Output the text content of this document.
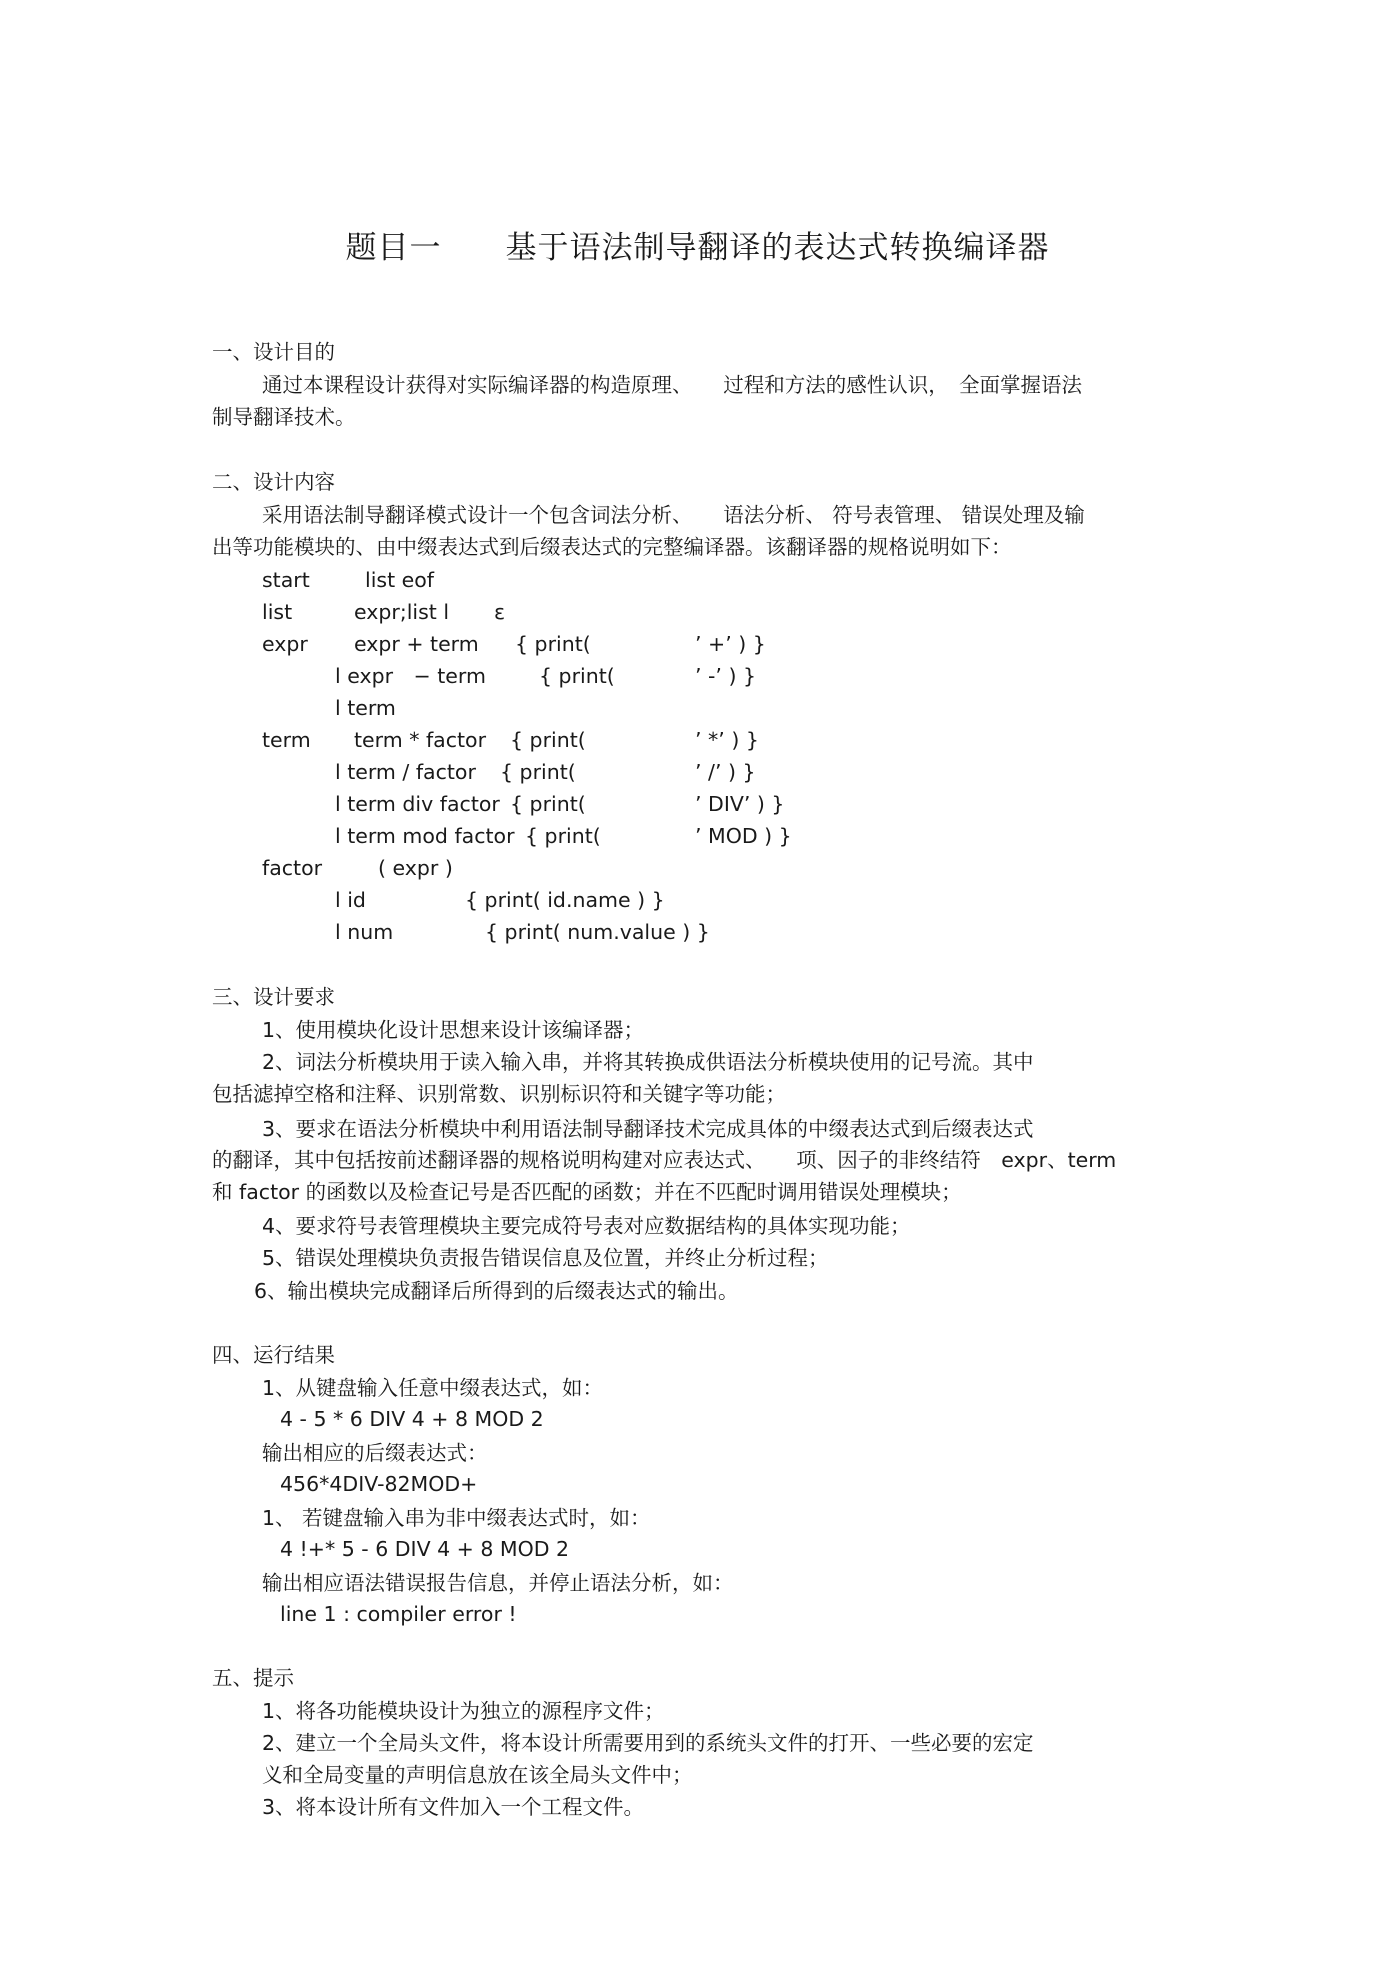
题目一　　基于语法制导翻译的表达式转换编译器
一、设计目的
通过本课程设计获得对实际编译器的构造原理、　　过程和方法的感性认识，　全面掌握语法
制导翻译技术。
二、设计内容
采用语法制导翻译模式设计一个包含词法分析、　　语法分析、 符号表管理、 错误处理及输
出等功能模块的、由中缀表达式到后缀表达式的完整编译器。该翻译器的规格说明如下：
start	list eof
list	expr;list l ε
expr expr + term { print(	’ +’ ) }
l expr　− term	{ print(	’ -’ ) }
l term
term term * factor { print(	’ *’ ) }
l term / factor { print(	’ /’ ) }
l term div factor { print(	’ DIV’ ) }
l term mod factor { print(	’ MOD ) }
factor	( expr )
l id	{ print( id.name ) }
l num	{ print( num.value ) }
三、设计要求
1、使用模块化设计思想来设计该编译器；
2、词法分析模块用于读入输入串，并将其转换成供语法分析模块使用的记号流。其中
包括滤掉空格和注释、识别常数、识别标识符和关键字等功能；
3、要求在语法分析模块中利用语法制导翻译技术完成具体的中缀表达式到后缀表达式
的翻译，其中包括按前述翻译器的规格说明构建对应表达式、　　项、因子的非终结符　expr、term
和 factor 的函数以及检查记号是否匹配的函数；并在不匹配时调用错误处理模块；
4、要求符号表管理模块主要完成符号表对应数据结构的具体实现功能；
5、错误处理模块负责报告错误信息及位置，并终止分析过程；
6、输出模块完成翻译后所得到的后缀表达式的输出。
四、运行结果
1、从键盘输入任意中缀表达式，如：
4 - 5 * 6 DIV 4 + 8 MOD 2
输出相应的后缀表达式：
456*4DIV-82MOD+
1、 若键盘输入串为非中缀表达式时，如：
4 !+* 5 - 6 DIV 4 + 8 MOD 2
输出相应语法错误报告信息，并停止语法分析，如：
line 1 : compiler error !
五、提示
1、将各功能模块设计为独立的源程序文件；
2、建立一个全局头文件，将本设计所需要用到的系统头文件的打开、一些必要的宏定
义和全局变量的声明信息放在该全局头文件中；
3、将本设计所有文件加入一个工程文件。
